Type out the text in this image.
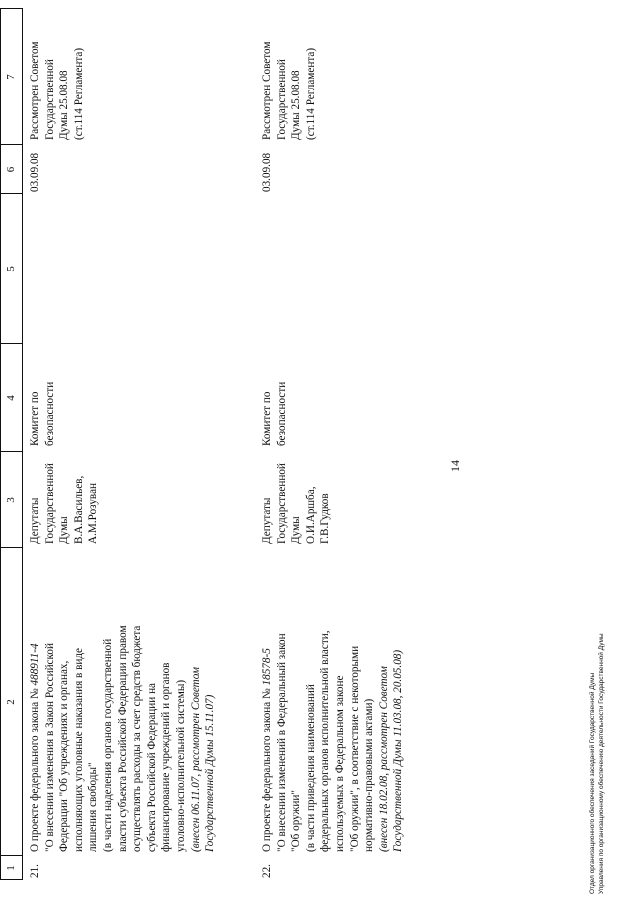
14
1
2
3
4
5
6
7
21.
О проекте федерального закона № 488911-4 "О внесении изменения в Закон Российской Федерации "Об учреждениях и органах, исполняющих уголовные наказания в виде лишения свободы" (в части наделения органов государственной власти субъекта Российской Федерации правом осуществлять расходы за счет средств бюджета субъекта Российской Федерации на финансирование учреждений и органов уголовно-исполнительной системы) (внесен 06.11.07, рассмотрен Советом Государственной Думы 15.11.07)
Депутаты Государственной Думы В.А.Васильев, А.М.Розуван
Комитет по безопасности
03.09.08
Рассмотрен Советом Государственной Думы 25.08.08 (ст.114 Регламента)
22.
О проекте федерального закона № 18578-5 "О внесении изменений в Федеральный закон "Об оружии" (в части приведения наименований федеральных органов исполнительной власти, используемых в Федеральном законе "Об оружии", в соответствие с некоторыми нормативно-правовыми актами) (внесен 18.02.08, рассмотрен Советом Государственной Думы 11.03.08, 20.05.08)
Депутаты Государственной Думы О.И.Аршба, Г.В.Гудков
Комитет по безопасности
03.09.08
Рассмотрен Советом Государственной Думы 25.08.08 (ст.114 Регламента)
Отдел организационного обеспечения заседаний Государственной Думы Управления по организационному обеспечению деятельности Государственной Думы
